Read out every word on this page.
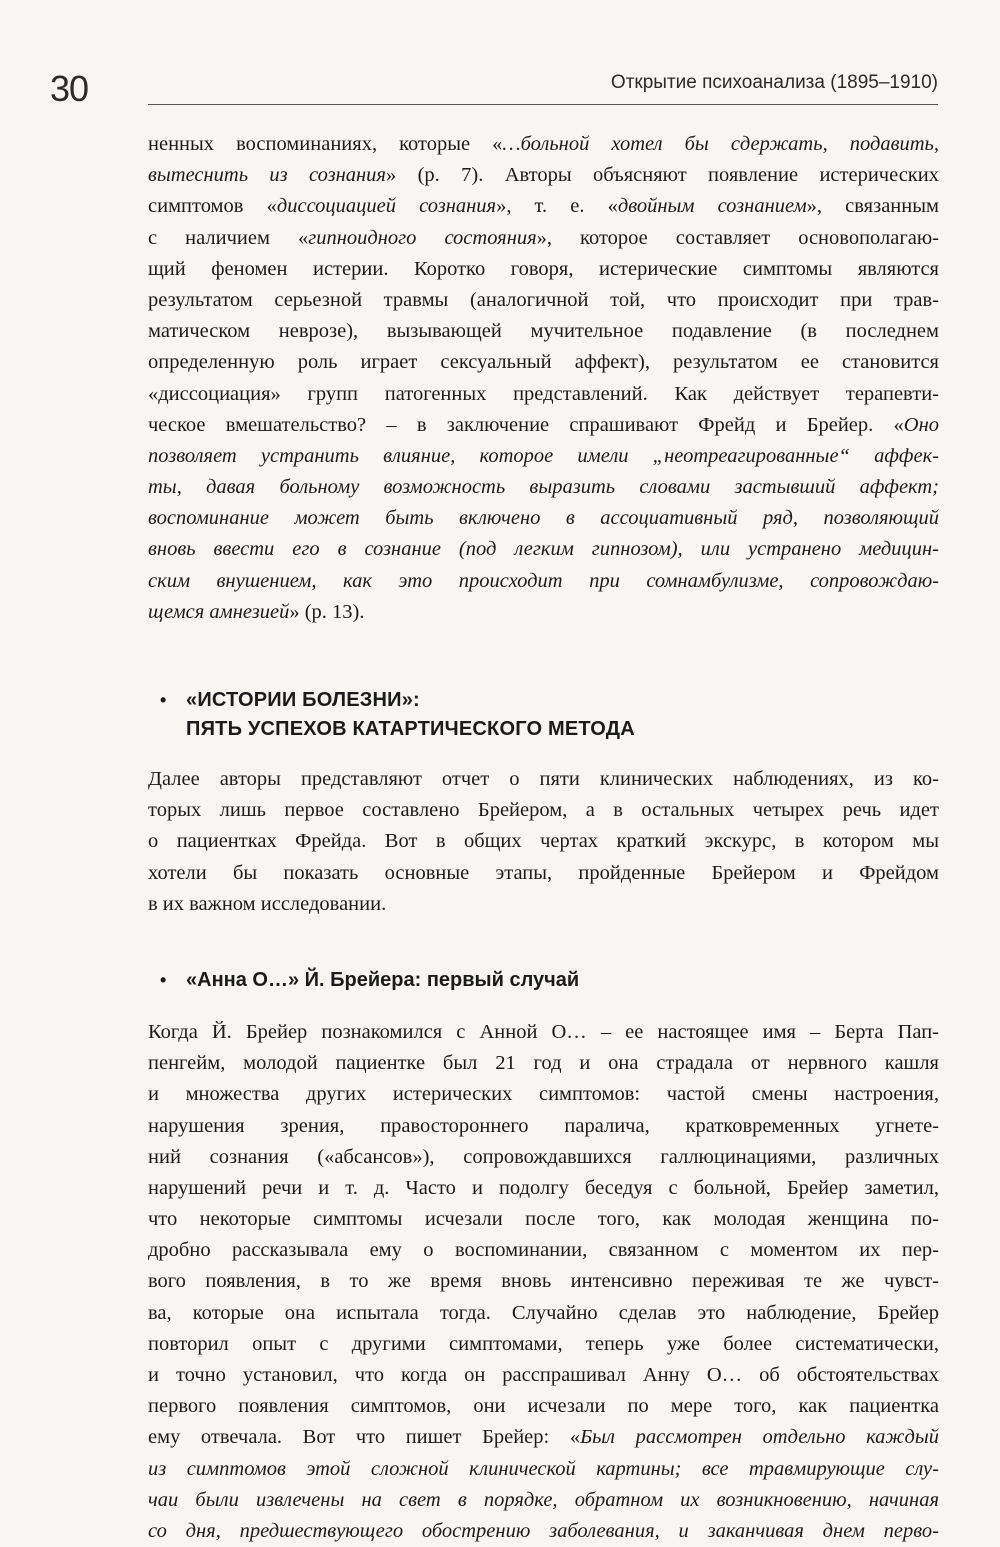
30	Открытие психоанализа (1895–1910)
ненных воспоминаниях, которые «…больной хотел бы сдержать, подавить,
вытеснить из сознания» (р. 7). Авторы объясняют появление истерических
симптомов «диссоциацией сознания», т. е. «двойным сознанием», связанным
с наличием «гипноидного состояния», которое составляет основополагаю-
щий феномен истерии. Коротко говоря, истерические симптомы являются
результатом серьезной травмы (аналогичной той, что происходит при трав-
матическом неврозе), вызывающей мучительное подавление (в последнем
определенную роль играет сексуальный аффект), результатом ее становится
«диссоциация» групп патогенных представлений. Как действует терапевти-
ческое вмешательство? – в заключение спрашивают Фрейд и Брейер. «Оно
позволяет устранить влияние, которое имели „неотреагированные“ аффек-
ты, давая больному возможность выразить словами застывший аффект;
воспоминание может быть включено в ассоциативный ряд, позволяющий
вновь ввести его в сознание (под легким гипнозом), или устранено медицин-
ским внушением, как это происходит при сомнамбулизме, сопровождаю-
щемся амнезией» (р. 13).
• «ИСТОРИИ БОЛЕЗНИ»:
ПЯТЬ УСПЕХОВ КАТАРТИЧЕСКОГО МЕТОДА
Далее авторы представляют отчет о пяти клинических наблюдениях, из ко-
торых лишь первое составлено Брейером, а в остальных четырех речь идет
о пациентках Фрейда. Вот в общих чертах краткий экскурс, в котором мы
хотели бы показать основные этапы, пройденные Брейером и Фрейдом
в их важном исследовании.
• «Анна О…» Й. Брейера: первый случай
Когда Й. Брейер познакомился с Анной О… – ее настоящее имя – Берта Пап-
пенгейм, молодой пациентке был 21 год и она страдала от нервного кашля
и множества других истерических симптомов: частой смены настроения,
нарушения зрения, правостороннего паралича, кратковременных угнете-
ний сознания («абсансов»), сопровождавшихся галлюцинациями, различных
нарушений речи и т. д. Часто и подолгу беседуя с больной, Брейер заметил,
что некоторые симптомы исчезали после того, как молодая женщина по-
дробно рассказывала ему о воспоминании, связанном с моментом их пер-
вого появления, в то же время вновь интенсивно переживая те же чувст-
ва, которые она испытала тогда. Случайно сделав это наблюдение, Брейер
повторил опыт с другими симптомами, теперь уже более систематически,
и точно установил, что когда он расспрашивал Анну О… об обстоятельствах
первого появления симптомов, они исчезали по мере того, как пациентка
ему отвечала. Вот что пишет Брейер: «Был рассмотрен отдельно каждый
из симптомов этой сложной клинической картины; все травмирующие слу-
чаи были извлечены на свет в порядке, обратном их возникновению, начиная
со дня, предшествующего обострению заболевания, и заканчивая днем перво-
